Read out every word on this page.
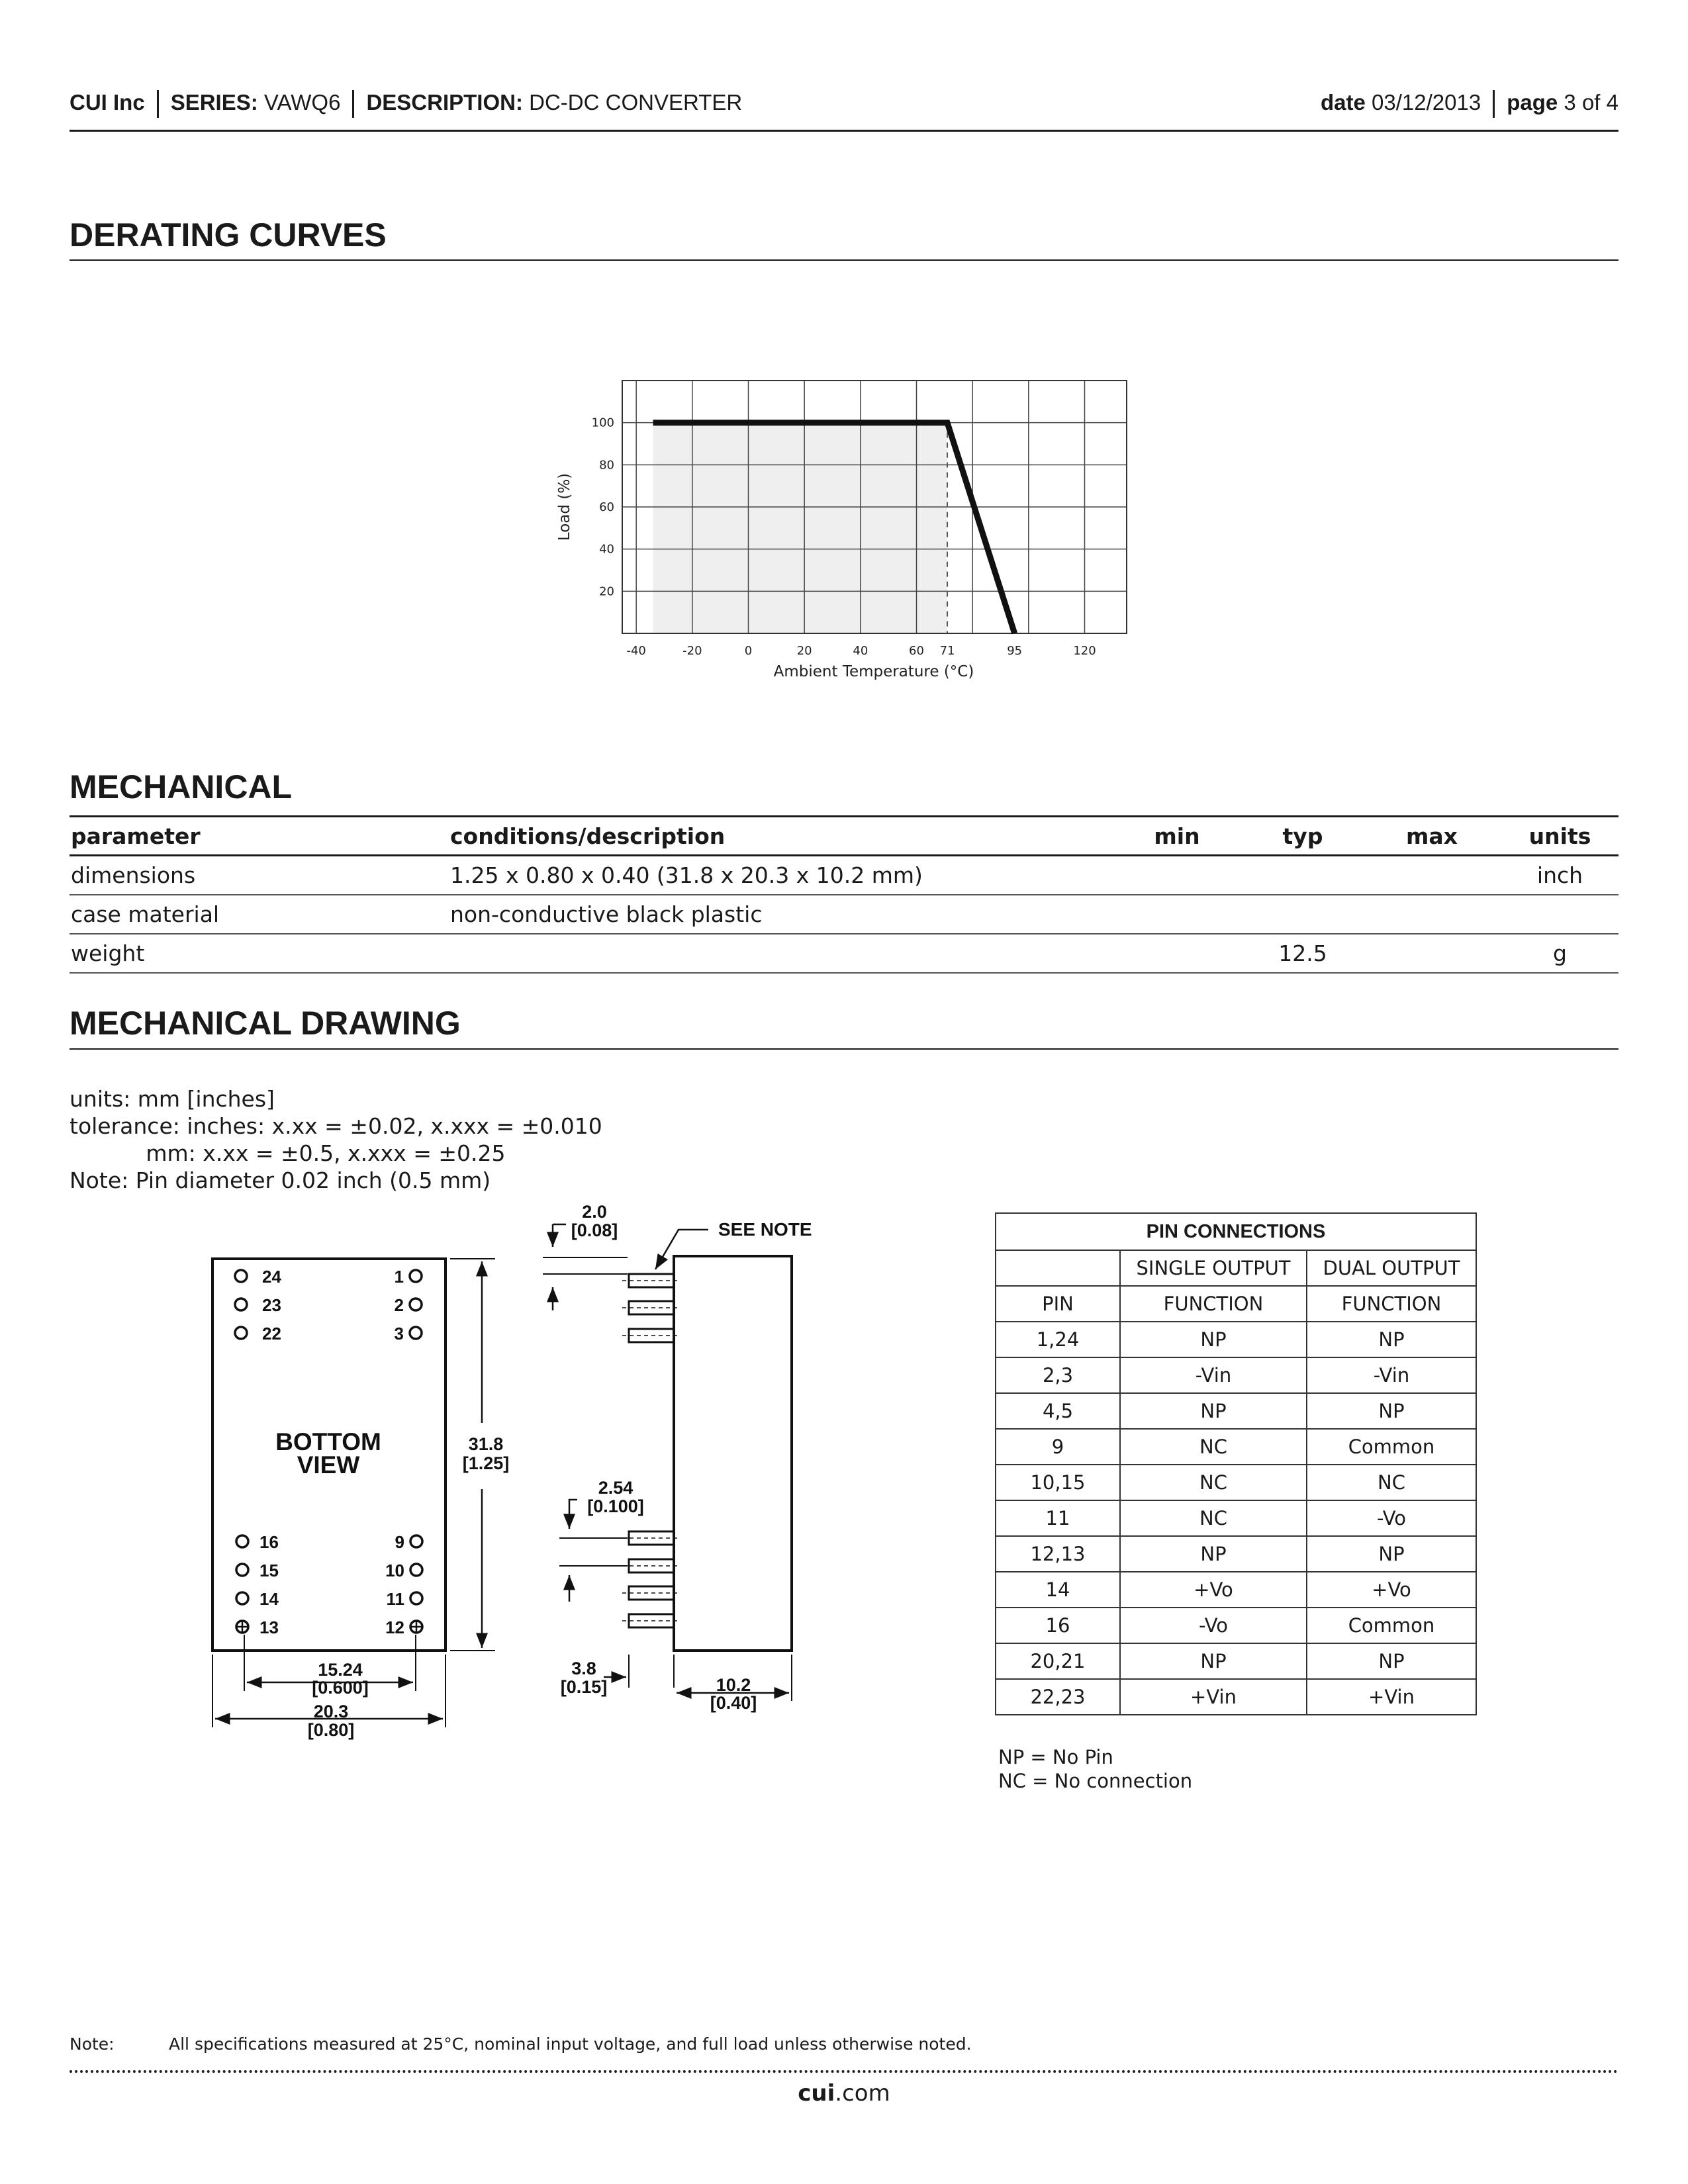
CUI Inc SERIES: VAWQ6 DESCRIPTION: DC-DC CONVERTER	date 03/12/2013 page 3 of 4
DERATING CURVES
100
80
60
40
20
-40	-20	0	20	40	60 71	95	120
Load (%)
Ambient Temperature (°C)
MECHANICAL
parameter	conditions/description	min	typ	max	units
dimensions	1.25 x 0.80 x 0.40 (31.8 x 20.3 x 10.2 mm)				inch
case material	non-conductive black plastic				
weight			12.5		g
MECHANICAL DRAWING
units: mm [inches]
tolerance: inches: x.xx = ±0.02, x.xxx = ±0.010
mm: x.xx = ±0.5, x.xxx = ±0.25
Note: Pin diameter 0.02 inch (0.5 mm)
24
23
22
1
2
3
16
15
14
13
9
10
11
12
BOTTOM
VIEW
31.8
[1.25]
15.24
[0.600]
20.3
[0.80]
2.0
[0.08]
2.54
[0.100]
3.8
[0.15]	10.2
[0.40]
SEE NOTE	PIN CONNECTIONS		
	SINGLE OUTPUT	DUAL OUTPUT
PIN	FUNCTION	FUNCTION
1,24	NP	NP
2,3	-Vin	-Vin
4,5	NP	NP
9	NC	Common
10,15	NC	NC
11	NC	-Vo
12,13	NP	NP
14	+Vo	+Vo
16	-Vo	Common
20,21	NP	NP
22,23	+Vin	+Vin
NP = No Pin
NC = No connection
Note:	All specifications measured at 25°C, nominal input voltage, and full load unless otherwise noted.
cui.com
